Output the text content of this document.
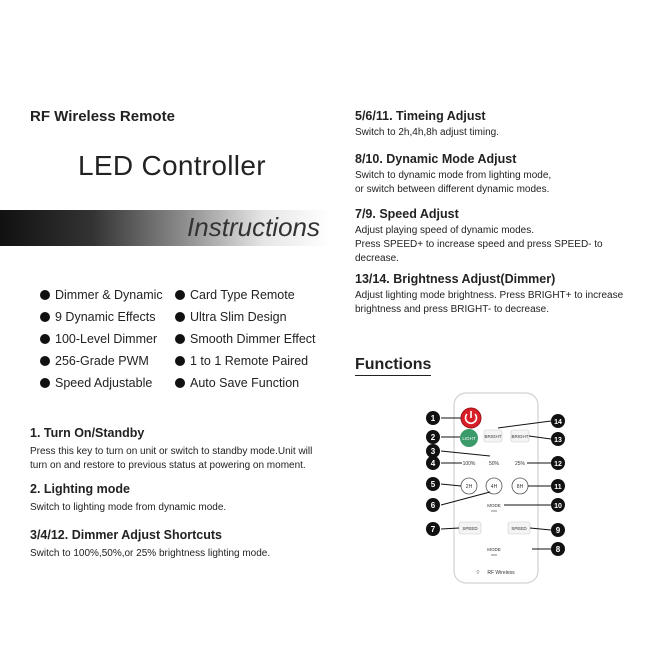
RF Wireless Remote
LED Controller
Instructions
Dimmer & Dynamic
9 Dynamic Effects
100-Level Dimmer
256-Grade PWM
Speed Adjustable
Card Type Remote
Ultra Slim Design
Smooth Dimmer Effect
1 to 1 Remote Paired
Auto Save Function
1. Turn On/Standby
Press this key to turn on unit or switch to standby mode.Unit will
turn on and restore to previous status at powering on moment.
2. Lighting mode
Switch to lighting mode from dynamic mode.
3/4/12. Dimmer Adjust Shortcuts
Switch to 100%,50%,or 25% brightness lighting mode.
5/6/11. Timeing Adjust
Switch to 2h,4h,8h adjust timing.
8/10. Dynamic Mode Adjust
Switch to dynamic mode from lighting mode,
or switch between different dynamic modes.
7/9. Speed Adjust
Adjust playing speed of dynamic modes.
Press SPEED+ to increase speed and press SPEED- to decrease.
13/14. Brightness Adjust(Dimmer)
Adjust lighting mode brightness. Press BRIGHT+ to increase
brightness and press BRIGHT- to decrease.
Functions
LIGHT BRIGHT BRIGHT
100%	50%	25%
2H	4H	8H
MODE
SPEED	SPEED
MODE
RF Wireless
⌔
1
2
3
4
5
6
7
8
9
10
11
12
13
14
